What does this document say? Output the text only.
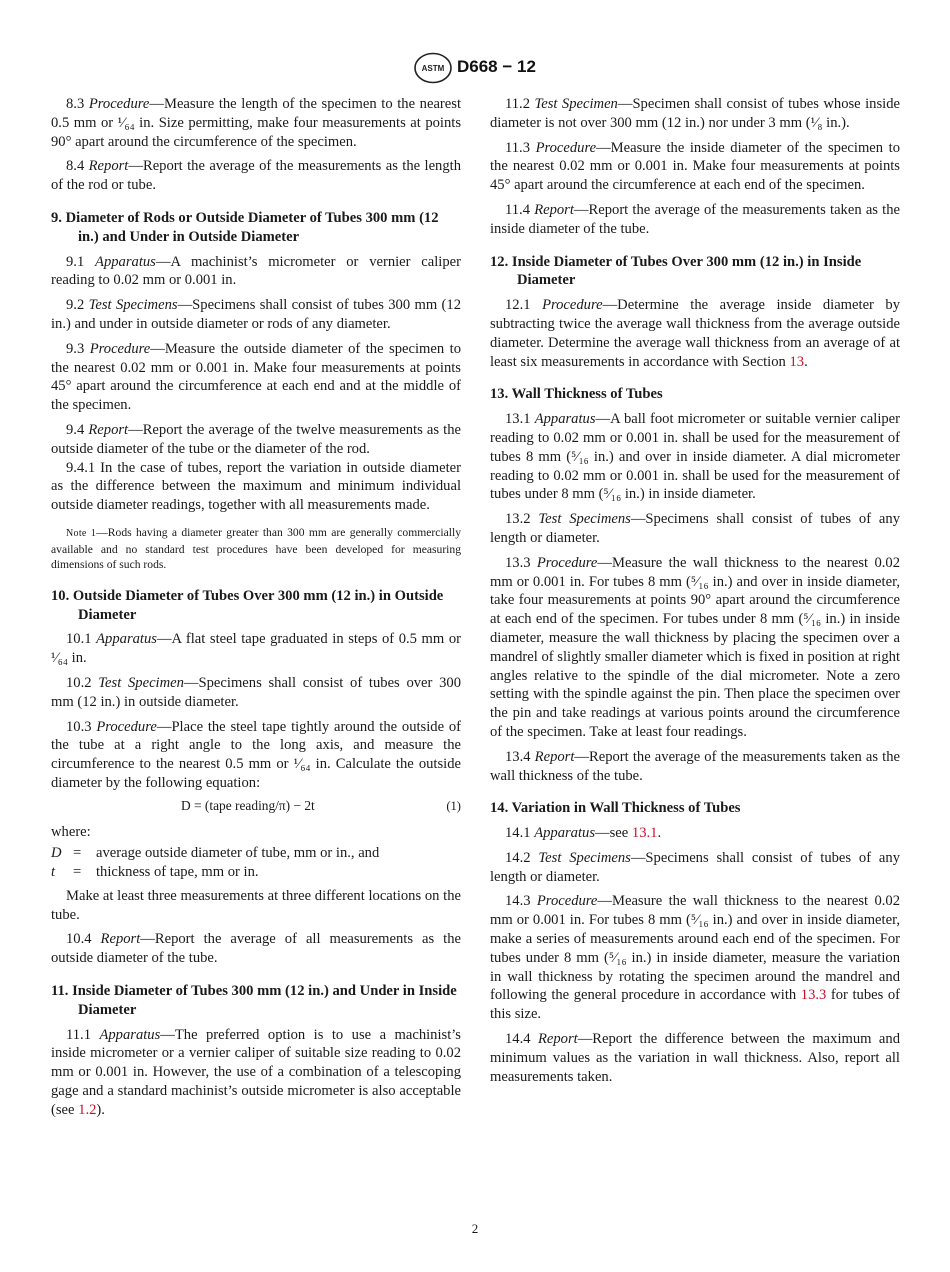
ASTM D668 − 12

8.3 Procedure—Measure the length of the specimen to the nearest 0.5 mm or ¹⁄₆₄ in. Size permitting, make four measurements at points 90° apart around the circumference of the specimen.

8.4 Report—Report the average of the measurements as the length of the rod or tube.

9. Diameter of Rods or Outside Diameter of Tubes 300 mm (12 in.) and Under in Outside Diameter

9.1 Apparatus—A machinist’s micrometer or vernier caliper reading to 0.02 mm or 0.001 in.

9.2 Test Specimens—Specimens shall consist of tubes 300 mm (12 in.) and under in outside diameter or rods of any diameter.

9.3 Procedure—Measure the outside diameter of the specimen to the nearest 0.02 mm or 0.001 in. Make four measurements at points 45° apart around the circumference at each end and at the middle of the specimen.

9.4 Report—Report the average of the twelve measurements as the outside diameter of the tube or the diameter of the rod.

9.4.1 In the case of tubes, report the variation in outside diameter as the difference between the maximum and minimum individual outside diameter readings, together with all measurements made.

Note 1—Rods having a diameter greater than 300 mm are generally commercially available and no standard test procedures have been developed for measuring dimensions of such rods.
10. Outside Diameter of Tubes Over 300 mm (12 in.) in Outside Diameter

10.1 Apparatus—A flat steel tape graduated in steps of 0.5 mm or ¹⁄₆₄ in.

10.2 Test Specimen—Specimens shall consist of tubes over 300 mm (12 in.) in outside diameter.

10.3 Procedure—Place the steel tape tightly around the outside of the tube at a right angle to the long axis, and measure the circumference to the nearest 0.5 mm or ¹⁄₆₄ in. Calculate the outside diameter by the following equation:

D = (tape reading/π) − 2t	(1)
where:
D =	average outside diameter of tube, mm or in., and
t	=	thickness of tape, mm or in.

Make at least three measurements at three different locations on the tube.

10.4 Report—Report the average of all measurements as the outside diameter of the tube.

11. Inside Diameter of Tubes 300 mm (12 in.) and Under in Inside Diameter

11.1 Apparatus—The preferred option is to use a machinist’s inside micrometer or a vernier caliper of suitable size reading to 0.02 mm or 0.001 in. However, the use of a combination of a telescoping gage and a standard machinist’s outside micrometer is also acceptable (see 1.2).

11.2 Test Specimen—Specimen shall consist of tubes whose inside diameter is not over 300 mm (12 in.) nor under 3 mm (¹⁄₈ in.).

11.3 Procedure—Measure the inside diameter of the specimen to the nearest 0.02 mm or 0.001 in. Make four measurements at points 45° apart around the circumference at each end of the specimen.

11.4 Report—Report the average of the measurements taken as the inside diameter of the tube.

12. Inside Diameter of Tubes Over 300 mm (12 in.) in Inside Diameter

12.1 Procedure—Determine the average inside diameter by subtracting twice the average wall thickness from the average outside diameter. Determine the average wall thickness from an average of at least six measurements in accordance with Section 13.

13. Wall Thickness of Tubes

13.1 Apparatus—A ball foot micrometer or suitable vernier caliper reading to 0.02 mm or 0.001 in. shall be used for the measurement of tubes 8 mm (⁵⁄₁₆ in.) and over in inside diameter. A dial micrometer reading to 0.02 mm or 0.001 in. shall be used for the measurement of tubes under 8 mm (⁵⁄₁₆ in.) in inside diameter.

13.2 Test Specimens—Specimens shall consist of tubes of any length or diameter.

13.3 Procedure—Measure the wall thickness to the nearest 0.02 mm or 0.001 in. For tubes 8 mm (⁵⁄₁₆ in.) and over in inside diameter, take four measurements at points 90° apart around the circumference at each end of the specimen. For tubes under 8 mm (⁵⁄₁₆ in.) in inside diameter, measure the wall thickness by placing the specimen over a mandrel of slightly smaller diameter which is fixed in position at right angles relative to the spindle of the dial micrometer. Note a zero setting with the spindle against the pin. Then place the specimen over the pin and take readings at various points around the circumference of the specimen. Take at least four readings.

13.4 Report—Report the average of the measurements taken as the wall thickness of the tube.

14. Variation in Wall Thickness of Tubes

14.1 Apparatus—see 13.1.

14.2 Test Specimens—Specimens shall consist of tubes of any length or diameter.

14.3 Procedure—Measure the wall thickness to the nearest 0.02 mm or 0.001 in. For tubes 8 mm (⁵⁄₁₆ in.) and over in inside diameter, make a series of measurements around each end of the specimen. For tubes under 8 mm (⁵⁄₁₆ in.) in inside diameter, measure the variation in wall thickness by rotating the specimen around the mandrel and following the general procedure in accordance with 13.3 for tubes of this size.

14.4 Report—Report the difference between the maximum and minimum values as the variation in wall thickness. Also, report all measurements taken.

2
